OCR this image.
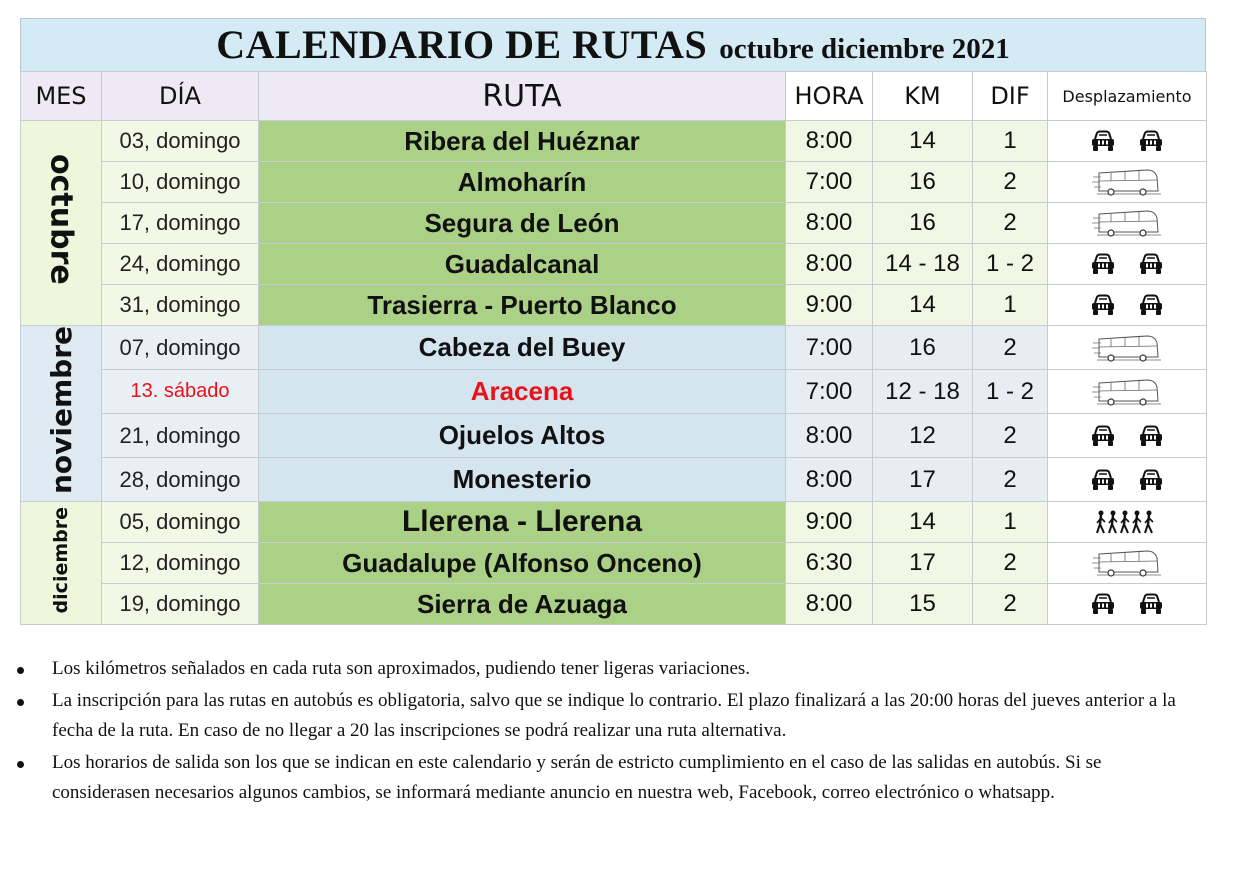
CALENDARIO DE RUTAS octubre diciembre 2021
MES	DÍA	RUTA	HORA	KM	DIF	Desplazamiento
octubre	03, domingo	Ribera del Huéznar	8:00	14	1	

	10, domingo	Almoharín	7:00	16	2	

	17, domingo	Segura de León	8:00	16	2	

	24, domingo	Guadalcanal	8:00	14 - 18	1 - 2	

	31, domingo	Trasierra - Puerto Blanco	9:00	14	1	

noviembre	07, domingo	Cabeza del Buey	7:00	16	2	

	13. sábado	Aracena	7:00	12 - 18	1 - 2	

	21, domingo	Ojuelos Altos	8:00	12	2	

	28, domingo	Monesterio	8:00	17	2	

diciembre	05, domingo	Llerena - Llerena	9:00	14	1	

	12, domingo	Guadalupe (Alfonso Onceno)	6:30	17	2	

	19, domingo	Sierra de Azuaga	8:00	15	2	
Los kilómetros señalados en cada ruta son aproximados, pudiendo tener ligeras variaciones.
La inscripción para las rutas en autobús es obligatoria, salvo que se indique lo contrario. El plazo finalizará a las 20:00 horas del jueves anterior a la fecha de la ruta. En caso de no llegar a 20 las inscripciones se podrá realizar una ruta alternativa.
Los horarios de salida son los que se indican en este calendario y serán de estricto cumplimiento en el caso de las salidas en autobús. Si se considerasen necesarios algunos cambios, se informará mediante anuncio en nuestra web, Facebook, correo electrónico o whatsapp.
